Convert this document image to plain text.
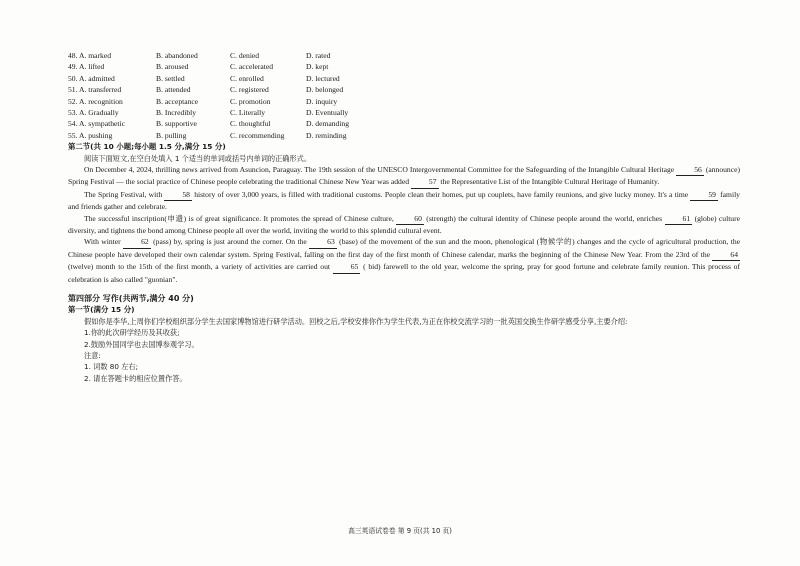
48. A. marked	B. abandoned	C. denied	D. rated
49. A. lifted	B. aroused	C. accelerated	D. kept
50. A. admitted	B. settled	C. enrolled	D. lectured
51. A. transferred	B. attended	C. registered	D. belonged
52. A. recognition	B. acceptance	C. promotion	D. inquiry
53. A. Gradually	B. Incredibly	C. Literally	D. Eventually
54. A. sympathetic	B. supportive	C. thoughtful	D. demanding
55. A. pushing	B. pulling	C. recommending	D. reminding
第二节(共 10 小题;每小题 1.5 分,满分 15 分)
阅读下面短文,在空白处填入 1 个适当的单词或括号内单词的正确形式。

On December 4, 2024, thrilling news arrived from Asuncion, Paraguay. The 19th session of the UNESCO Intergovernmental Committee for the Safeguarding of the Intangible Cultural Heritage	56 (announce) Spring Festival — the social practice of Chinese people celebrating the traditional Chinese New Year was added	57 the Representative List of the Intangible Cultural Heritage of Humanity.

The Spring Festival, with	58 history of over 3,000 years, is filled with traditional customs. People clean their homes, put up couplets, have family reunions, and give lucky money. It's a time	59 family and friends gather and celebrate.

The successful inscription(申遗) is of great significance. It promotes the spread of Chinese culture,	60 (strength) the cultural identity of Chinese people around the world, enriches	61 (globe) culture diversity, and tightens the bond among Chinese people all over the world, inviting the world to this splendid cultural event.

With winter	62 (pass) by, spring is just around the corner. On the	63 (base) of the movement of the sun and the moon, phenological (物候学的) changes and the cycle of agricultural production, the Chinese people have developed their own calendar system. Spring Festival, falling on the first day of the first month of Chinese calendar, marks the beginning of the Chinese New Year. From the 23rd of the	64 (twelve) month to the 15th of the first month, a variety of activities are carried out	65 ( bid) farewell to the old year, welcome the spring, pray for good fortune and celebrate family reunion. This process of celebration is also called "guonian".

第四部分 写作(共两节,满分 40 分)
第一节(满分 15 分)
假如你是李华,上周你们学校组织部分学生去国家博物馆进行研学活动。回校之后,学校安排你作为学生代表,为正在你校交流学习的一批英国交换生作研学感受分享,主要介绍:
1.你的此次研学经历及其收获;
2.鼓励外国同学也去国博参观学习。
注意:
1. 词数 80 左右;
2. 请在答题卡的相应位置作答。
高三英语试卷卷 第 9 页(共 10 页)
